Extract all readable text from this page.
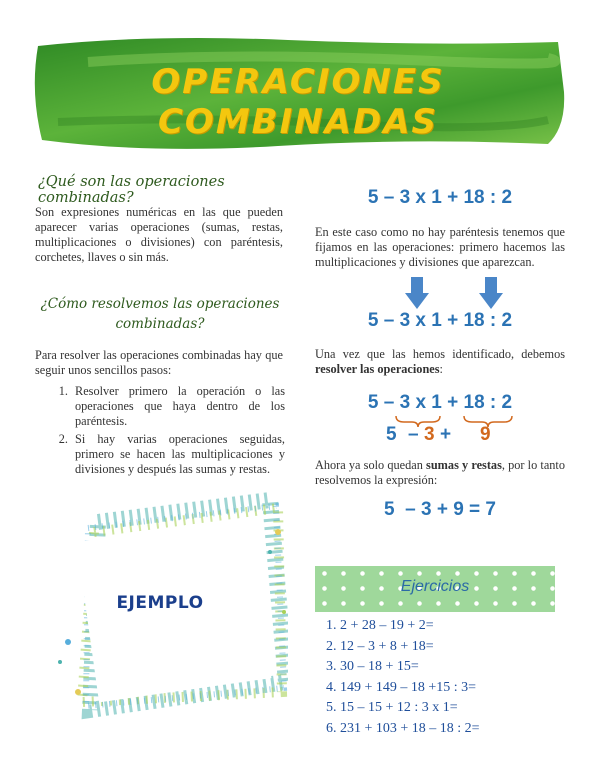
OPERACIONES COMBINADAS
¿Qué son las operaciones combinadas?
Son expresiones numéricas en las que pueden aparecer varias operaciones (sumas, restas, multiplicaciones o divisiones) con paréntesis, corchetes, llaves o sin más.
¿Cómo resolvemos las operaciones
combinadas?
Para resolver las operaciones combinadas hay que seguir unos sencillos pasos:
1. Resolver primero la operación o las operaciones que haya dentro de los paréntesis.
2. Si hay varias operaciones seguidas, primero se hacen las multiplicaciones y divisiones y después las sumas y restas.
EJEMPLO
5 – 3 x 1 + 18 : 2
En este caso como no hay paréntesis tenemos que fijamos en las operaciones: primero hacemos las multiplicaciones y divisiones que aparezcan.
5 – 3 x 1 + 18 : 2
Una vez que las hemos identificado, debemos resolver las operaciones:
5 – 3 x 1 + 18 : 2
5 – 3 + 9
Ahora ya solo quedan sumas y restas, por lo tanto resolvemos la expresión:
5  – 3 + 9 = 7
Ejercicios
1. 2 + 28 – 19 + 2=
2. 12 – 3 + 8 + 18=
3. 30 – 18 + 15=
4. 149 + 149 – 18 +15 : 3=
5. 15 – 15 + 12 : 3 x 1=
6. 231 + 103 + 18 – 18 : 2=
